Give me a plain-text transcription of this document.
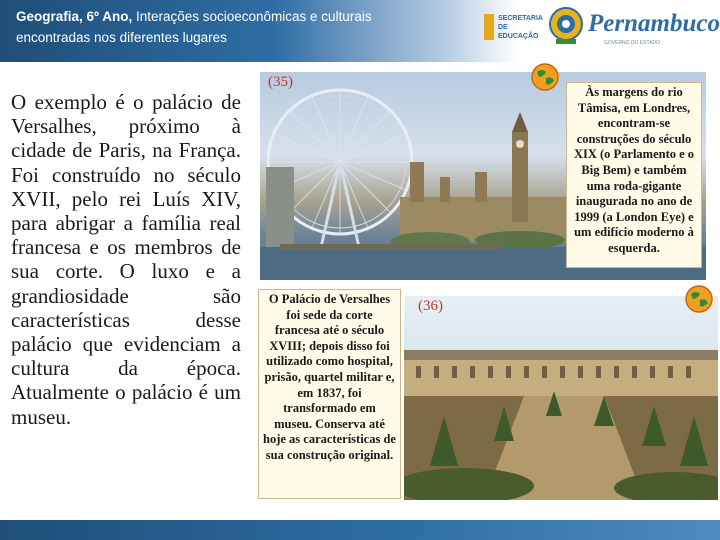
Geografia, 6º Ano, Interações socioeconômicas e culturais encontradas nos diferentes lugares
SECRETARIA DE EDUCAÇÃO Pernambuco
GOVERNO DO ESTADO
O exemplo é o palácio de Versalhes, próximo à cidade de Paris, na França. Foi construído no século XVII, pelo rei Luís XIV, para abrigar a família real francesa e os membros de sua corte. O luxo e a grandiosidade são características desse palácio que evidenciam a cultura da época. Atualmente o palácio é um museu.
(35)
Às margens do rio Tâmisa, em Londres, encontram-se construções do século XIX (o Parlamento e o Big Bem) e também uma roda-gigante inaugurada no ano de 1999 (a London Eye) e um edifício moderno à esquerda.
(36)
O Palácio de Versalhes foi sede da corte francesa até o século XVIII; depois disso foi utilizado como hospital, prisão, quartel militar e, em 1837, foi transformado em museu. Conserva até hoje as características de sua construção original.
